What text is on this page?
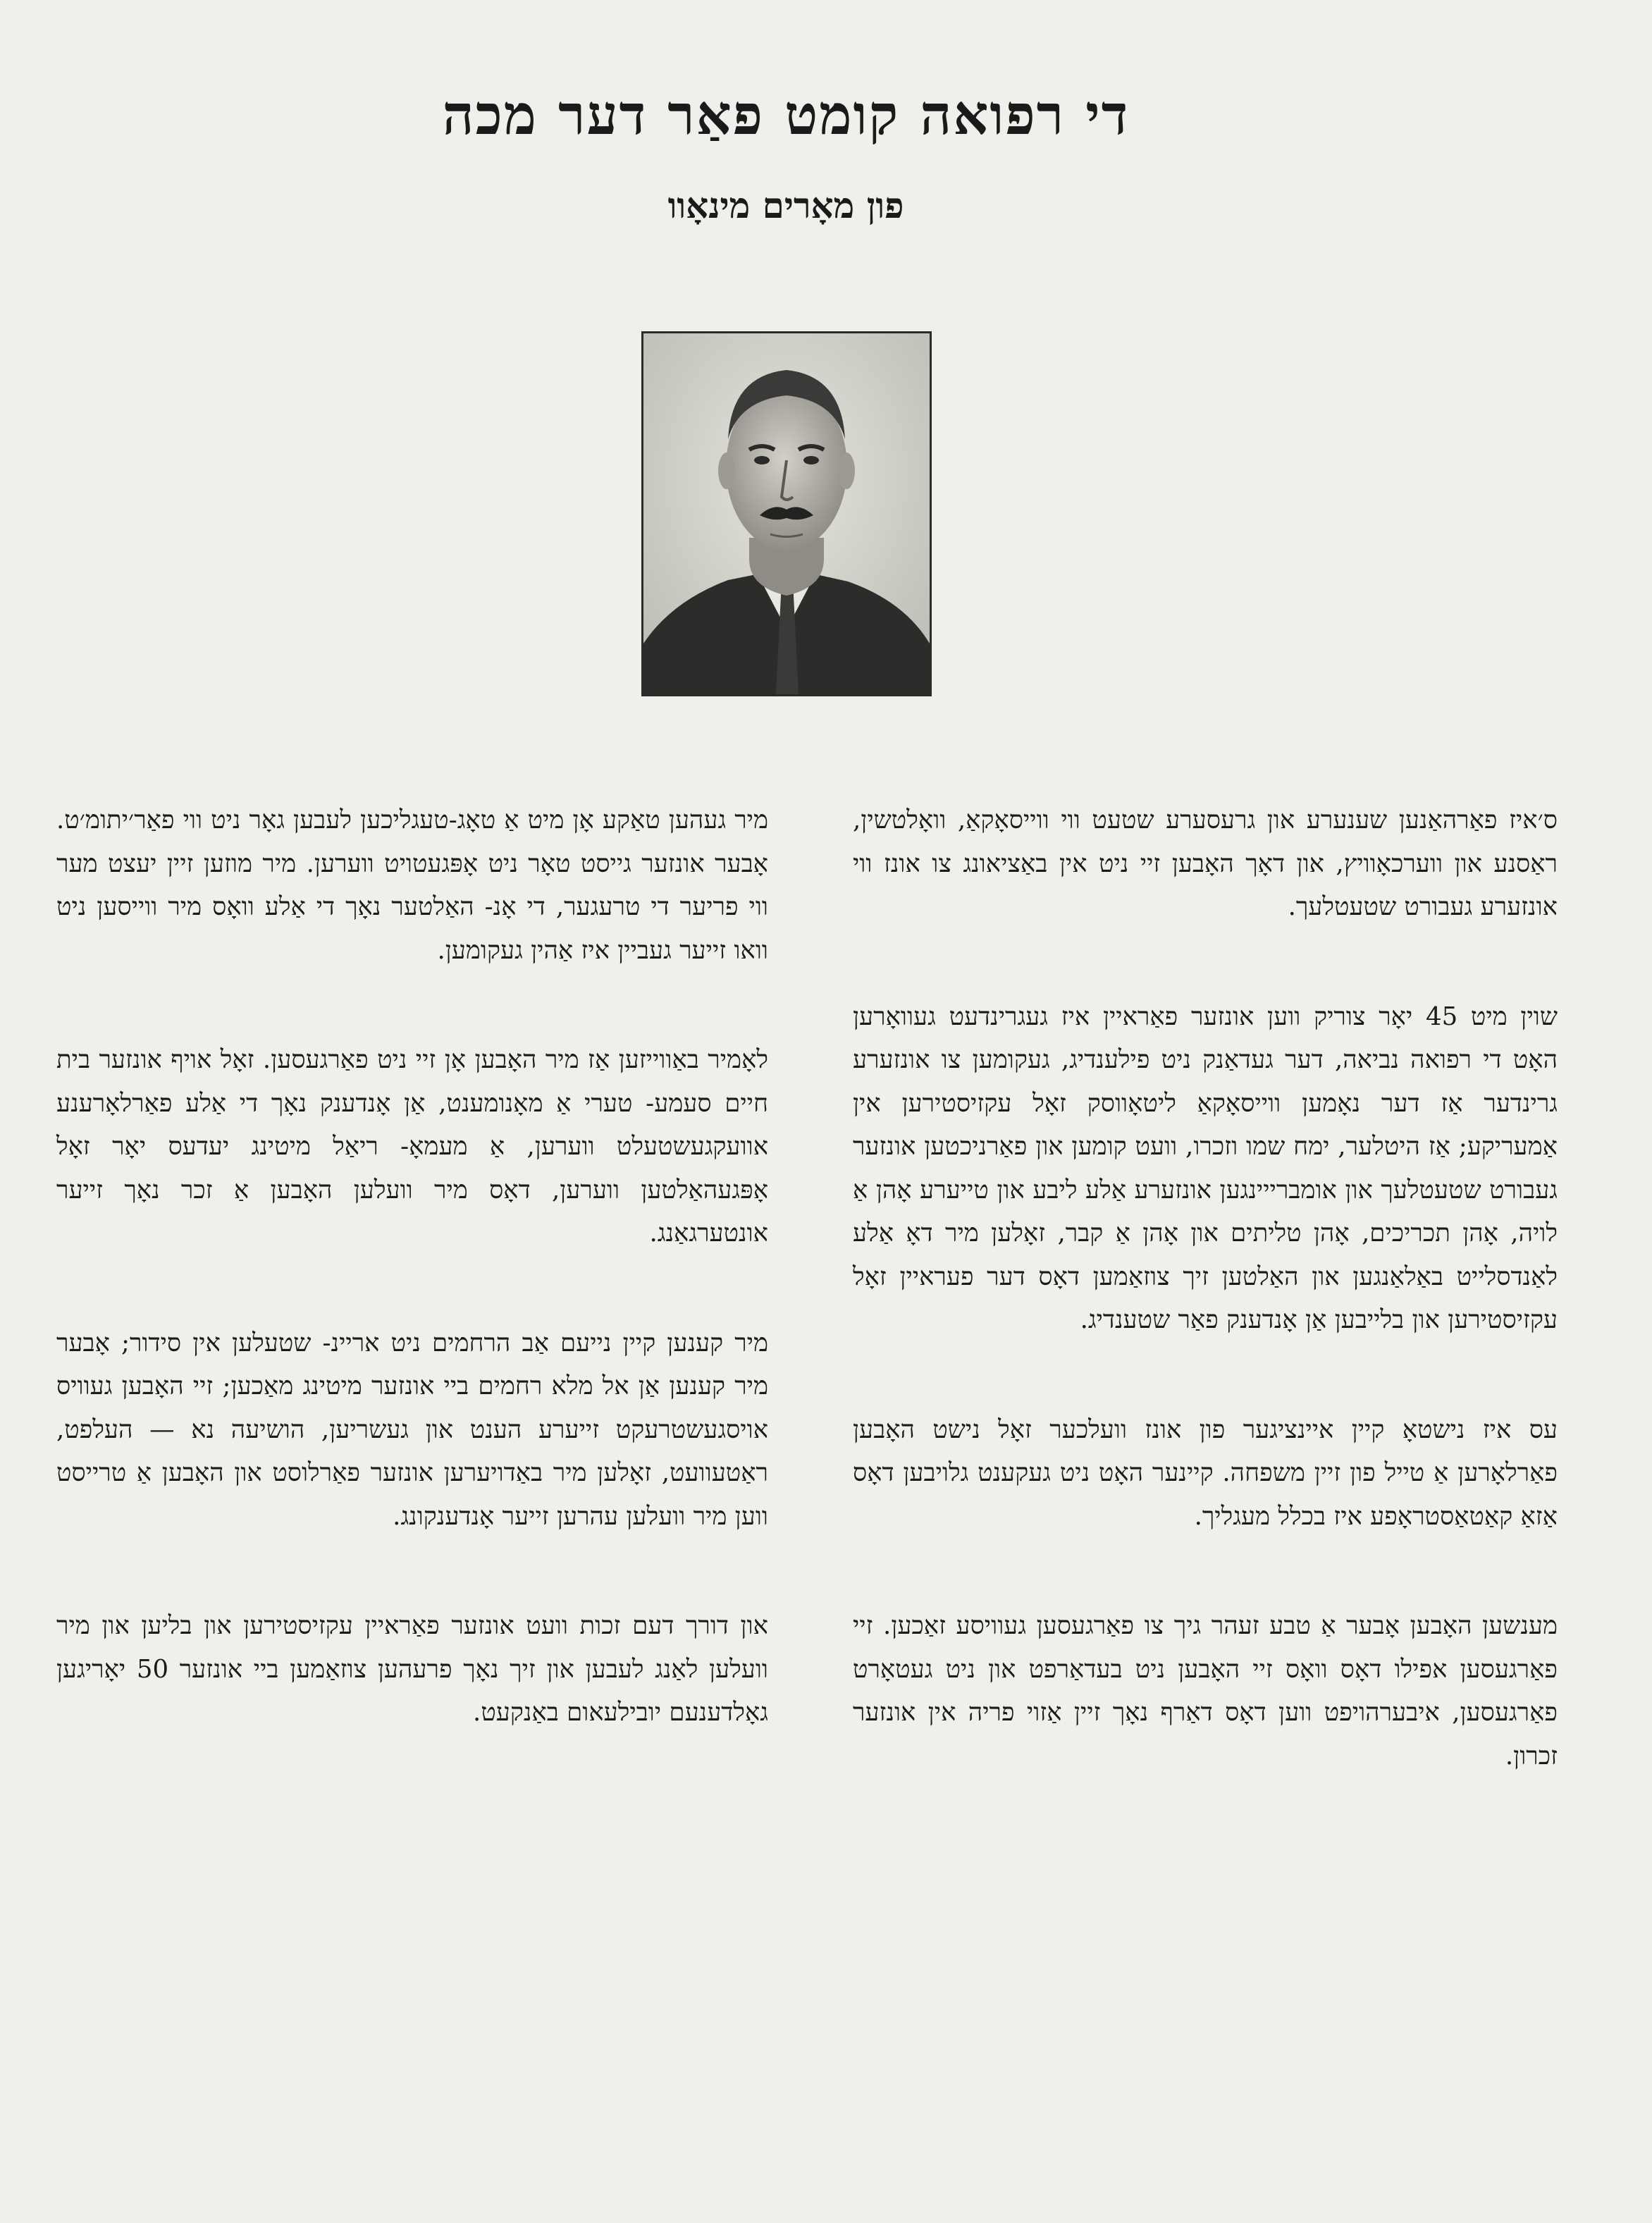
די רפואה קומט פאַר דער מכה
פון מאָרים מינאָוו

ס׳איז פאַרהאַנען שענערע און גרעסערע שטעט ווי ווייסאָקאַ, וואָלטשין, ראַסנע און ווערכאָוויץ, און דאָך האָבען זיי ניט אין באַציאונג צו אונז ווי אונזערע געבורט שטעטלעך.

שוין מיט 45 יאָר צוריק ווען אונזער פאַראיין איז געגרינדעט געוואָרען האָט די רפואה נביאה, דער געדאַנק ניט פילענדיג, געקומען צו אונזערע גרינדער אַז דער נאָמען ווייסאָקאַ ליטאָווסק זאָל עקזיסטירען אין אַמעריקע; אַז היטלער, ימח שמו וזכרו, וועט קומען און פאַרניכטען אונזער געבורט שטעטלעך און אומברייינגען אונזערע אַלע ליבע און טייערע אָהן אַ לויה, אָהן תכריכים, אָהן טליתים און אָהן אַ קבר, זאָלען מיר דאָ אַלע לאַנדסלייט באַלאַנגען און האַלטען זיך צוזאַמען דאָס דער פעראיין זאָל עקזיסטירען און בלייבען אַן אָנדענק פאַר שטענדיג.

עס איז נישטאָ קיין איינציגער פון אונז וועלכער זאָל נישט האָבען פאַרלאָרען אַ טייל פון זיין משפחה. קיינער האָט ניט געקענט גלויבען דאָס אַזאַ קאַטאַסטראָפע איז בכלל מעגליך.

מענשען האָבען אָבער אַ טבע זעהר גיך צו פאַרגעסען געוויסע זאַכען. זיי פאַרגעסען אפילו דאָס וואָס זיי האָבען ניט בעדאַרפט און ניט געטאָרט פאַרגעסען, איבערהויפט ווען דאָס דאַרף נאָך זיין אַזוי פריה אין אונזער זכרון.

מיר געהען טאַקע אָן מיט אַ טאָג-טעגליכען לעבען גאָר ניט ווי פאַר׳יתומ׳ט. אָבער אונזער גייסט טאָר ניט אָפּגעטויט ווערען. מיר מוזען זיין יעצט מער ווי פריער די טרעגער, די אָנ- האַלטער נאָך די אַלע וואָס מיר ווייסען ניט וואו זייער געביין איז אַהין געקומען.

לאָמיר באַווייזען אַז מיר האָבען אָן זיי ניט פאַרגעסען. זאָל אויף אונזער בית חיים סעמע- טערי אַ מאָנומענט, אַן אָנדענק נאָך די אַלע פאַרלאָרענע אוועקגעשטעלט ווערען, אַ מעמאָ- ריאַל מיטינג יעדעס יאָר זאָל אָפּגעהאַלטען ווערען, דאָס מיר וועלען האָבען אַ זכר נאָך זייער אונטערגאַנג.

מיר קענען קיין נייעם אַב הרחמים ניט אריינ- שטעלען אין סידור; אָבער מיר קענען אַן אל מלא רחמים ביי אונזער מיטינג מאַכען; זיי האָבען געוויס אויסגעשטרעקט זייערע הענט און געשריען, הושיעה נא — העלפט, ראַטעוועט, זאָלען מיר באַדויערען אונזער פאַרלוסט און האָבען אַ טרייסט ווען מיר וועלען עהרען זייער אָנדענקונג.

און דורך דעם זכות וועט אונזער פאַראיין עקזיסטירען און בליען און מיר וועלען לאַנג לעבען און זיך נאָך פרעהען צוזאַמען ביי אונזער 50 יאָריגען גאָלדענעם יובילעאום באַנקעט.
